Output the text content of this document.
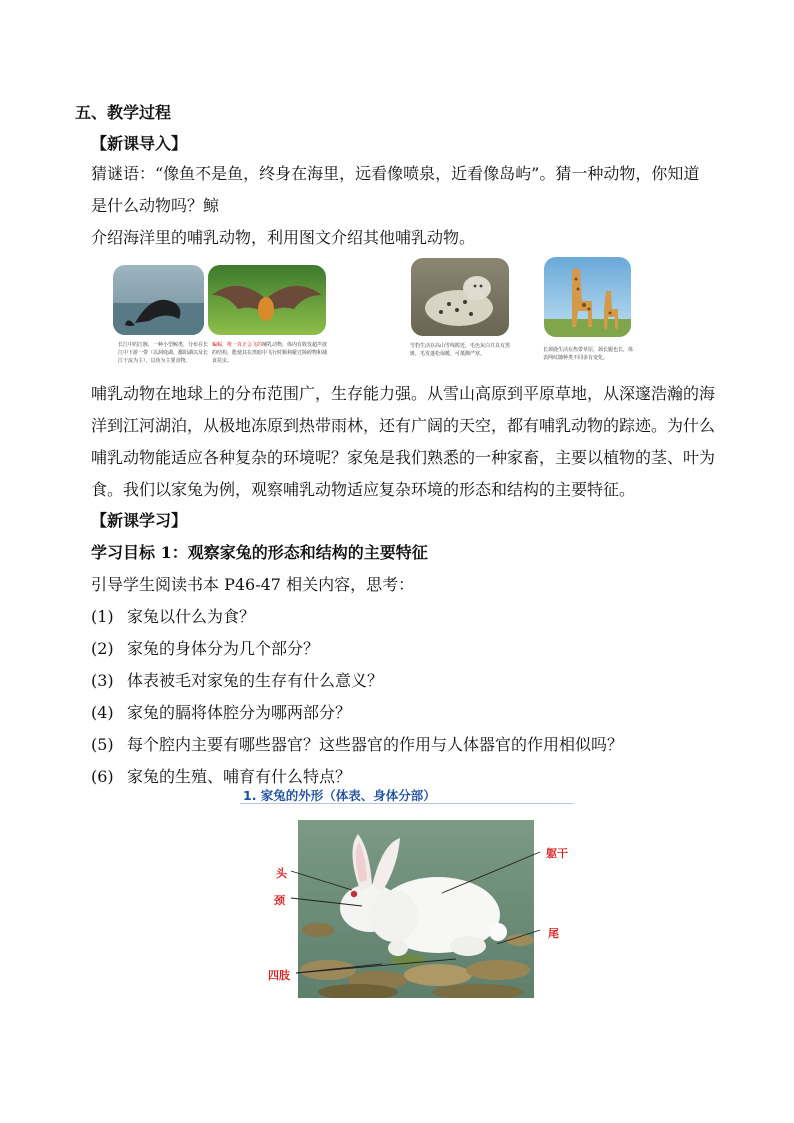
五、教学过程
【新课导入】
猜谜语：“像鱼不是鱼，终身在海里，远看像喷泉，近看像岛屿”。猜一种动物，你知道
是什么动物吗？鲸
介绍海洋里的哺乳动物，利用图文介绍其他哺乳动物。
长江中的江豚，一种小型鲸类，分布在长江中下游一带（以洞庭湖、鄱阳湖以及长江干流为主），以鱼为主要食物。
蝙蝠，唯一真正会飞的哺乳动物。体内有收发超声波的结构，能使其在黑暗中飞行时顺利避过障碍物和捕食昆虫。
雪豹生活在高山雪线附近，毛色灰白并具有黑斑，毛发蓬松保暖，可抵御严寒。
长颈鹿生活在热带草原，颈长腿也长，体表网纹随种类不同多有变化。
哺乳动物在地球上的分布范围广，生存能力强。从雪山高原到平原草地，从深邃浩瀚的海
洋到江河湖泊，从极地冻原到热带雨林，还有广阔的天空，都有哺乳动物的踪迹。为什么
哺乳动物能适应各种复杂的环境呢？家兔是我们熟悉的一种家畜，主要以植物的茎、叶为
食。我们以家兔为例，观察哺乳动物适应复杂环境的形态和结构的主要特征。
【新课学习】
学习目标 1：观察家兔的形态和结构的主要特征
引导学生阅读书本 P46-47 相关内容，思考：
(1) 家兔以什么为食？
(2) 家兔的身体分为几个部分？
(3) 体表被毛对家兔的生存有什么意义？
(4) 家兔的膈将体腔分为哪两部分？
(5) 每个腔内主要有哪些器官？这些器官的作用与人体器官的作用相似吗？
(6) 家兔的生殖、哺育有什么特点？
1. 家兔的外形（体表、身体分部）
头
颈
躯干
尾
四肢
